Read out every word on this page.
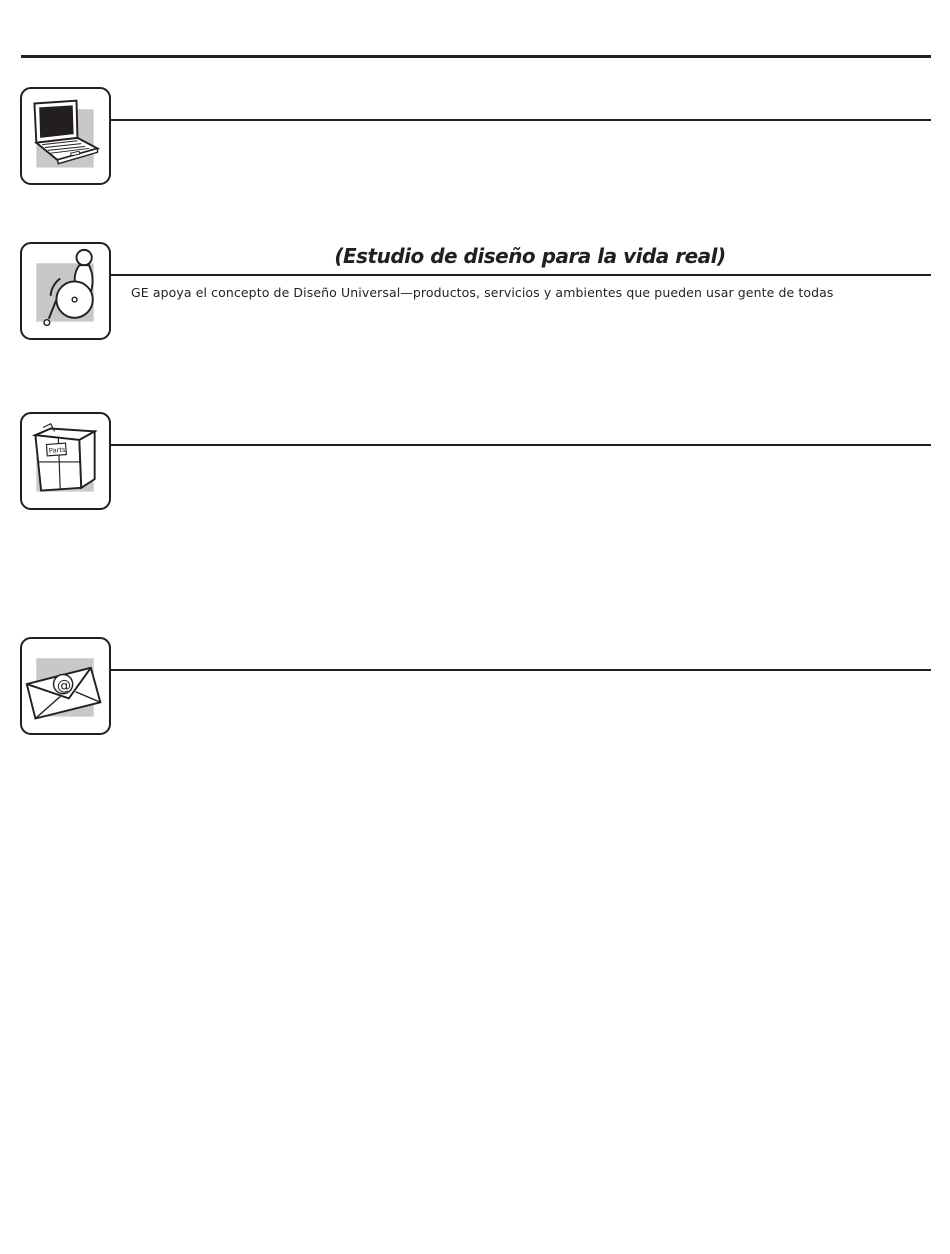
(Estudio de diseño para la vida real)
GE apoya el concepto de Diseño Universal—productos, servicios y ambientes que pueden usar gente de todas
Parts
@
